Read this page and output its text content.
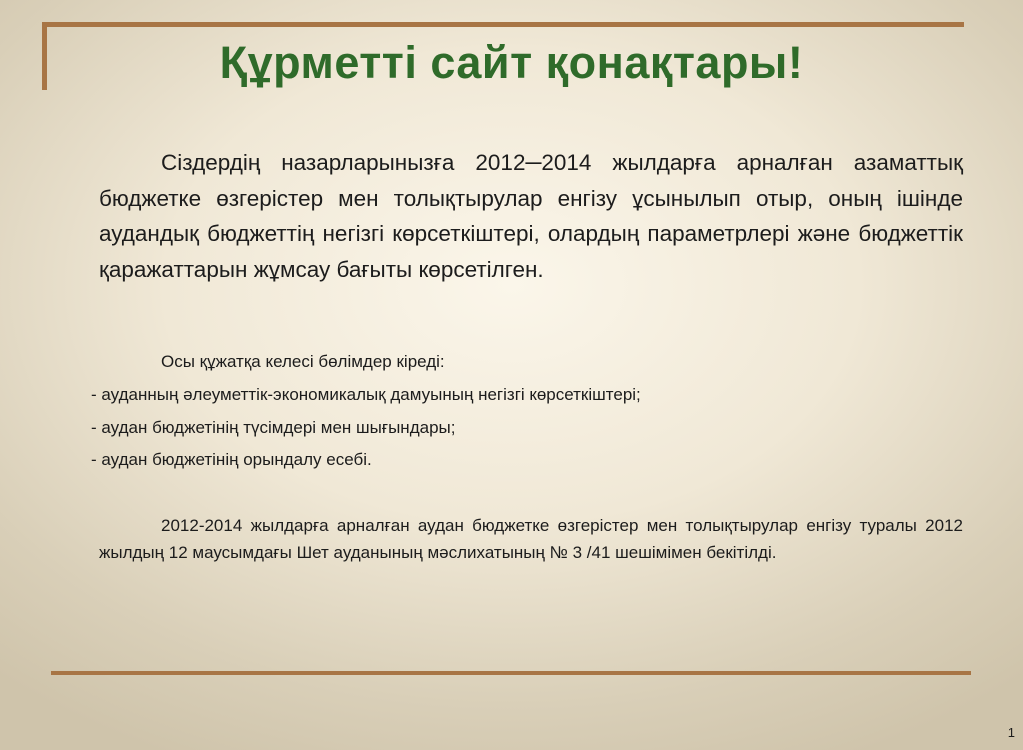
Құрметті сайт қонақтары!

Сіздердің назарларынызға 2012─2014 жылдарға арналған азаматтық бюджетке өзгерістер мен толықтырулар енгізу ұсынылып отыр, оның ішінде аудандық бюджеттің негізгі көрсеткіштері, олардың параметрлері және бюджеттік қаражаттарын жұмсау бағыты көрсетілген.

Осы құжатқа келесі бөлімдер кіреді:

- ауданның әлеуметтік-экономикалық дамуының негізгі көрсеткіштері;
- аудан бюджетінің түсімдері мен шығындары;
- аудан бюджетінің орындалу есебі.

2012-2014 жылдарға арналған аудан бюджетке өзгерістер мен толықтырулар енгізу туралы 2012 жылдың 12 маусымдағы Шет ауданының мәслихатының № 3 /41 шешімімен бекітілді.

1
